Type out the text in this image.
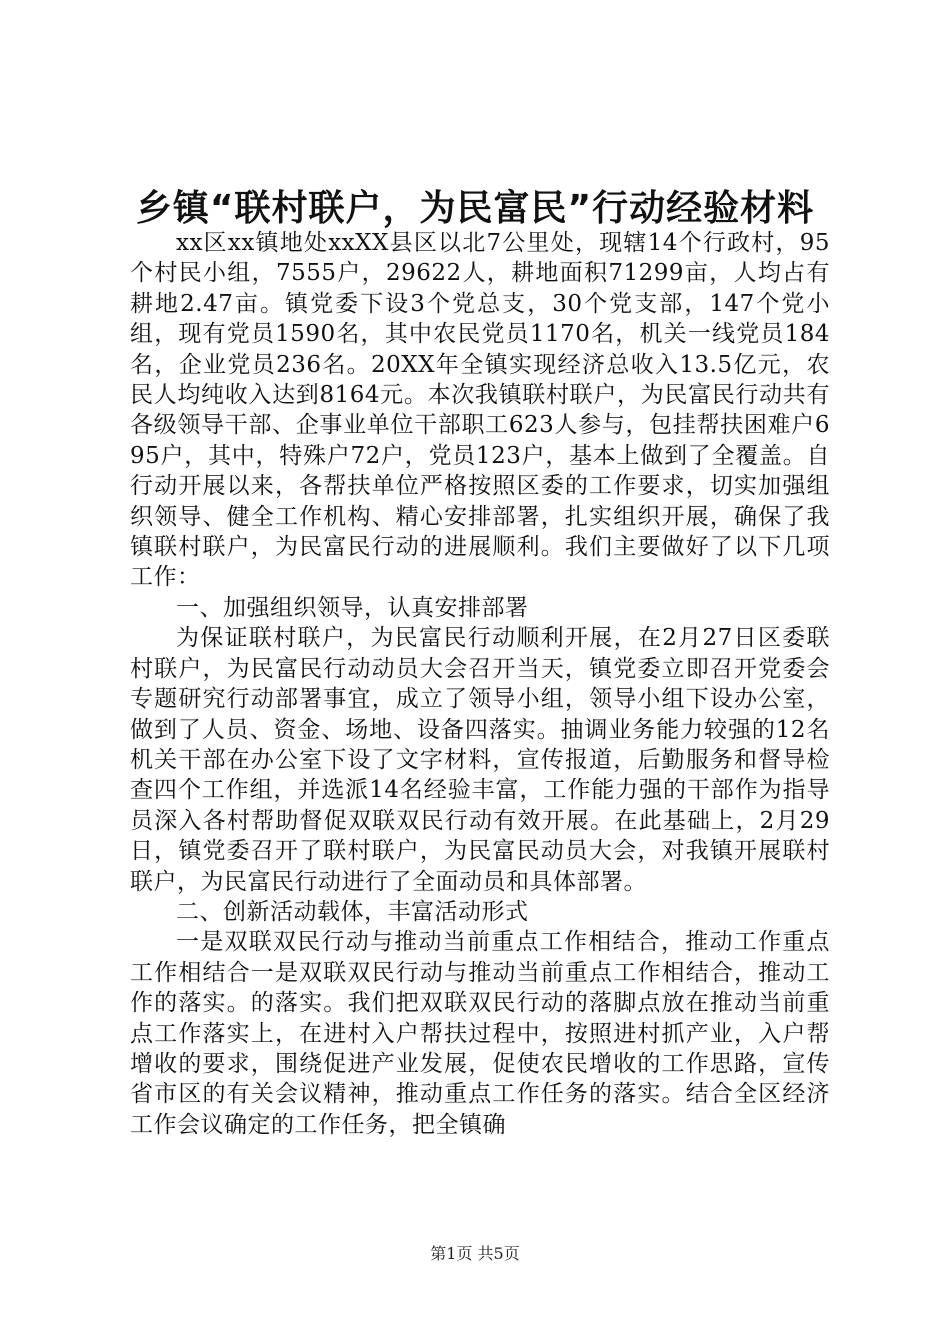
乡镇“联村联户，为民富民”行动经验材料

xx区xx镇地处xxXX县区以北7公里处，现辖14个行政村，95个村民小组，7555户，29622人，耕地面积71299亩，人均占有耕地2.47亩。镇党委下设3个党总支，30个党支部，147个党小组，现有党员1590名，其中农民党员1170名，机关一线党员184名，企业党员236名。20XX年全镇实现经济总收入13.5亿元，农民人均纯收入达到8164元。本次我镇联村联户，为民富民行动共有各级领导干部、企事业单位干部职工623人参与，包挂帮扶困难户695户，其中，特殊户72户，党员123户，基本上做到了全覆盖。自行动开展以来，各帮扶单位严格按照区委的工作要求，切实加强组织领导、健全工作机构、精心安排部署，扎实组织开展，确保了我镇联村联户，为民富民行动的进展顺利。我们主要做好了以下几项工作：

一、加强组织领导，认真安排部署

为保证联村联户，为民富民行动顺利开展，在2月27日区委联村联户，为民富民行动动员大会召开当天，镇党委立即召开党委会专题研究行动部署事宜，成立了领导小组，领导小组下设办公室，做到了人员、资金、场地、设备四落实。抽调业务能力较强的12名机关干部在办公室下设了文字材料，宣传报道，后勤服务和督导检查四个工作组，并选派14名经验丰富，工作能力强的干部作为指导员深入各村帮助督促双联双民行动有效开展。在此基础上，2月29日，镇党委召开了联村联户，为民富民动员大会，对我镇开展联村联户，为民富民行动进行了全面动员和具体部署。

二、创新活动载体，丰富活动形式

一是双联双民行动与推动当前重点工作相结合，推动工作重点工作相结合一是双联双民行动与推动当前重点工作相结合，推动工作的落实。的落实。我们把双联双民行动的落脚点放在推动当前重点工作落实上，在进村入户帮扶过程中，按照进村抓产业，入户帮增收的要求，围绕促进产业发展，促使农民增收的工作思路，宣传省市区的有关会议精神，推动重点工作任务的落实。结合全区经济工作会议确定的工作任务，把全镇确

第1页 共5页
